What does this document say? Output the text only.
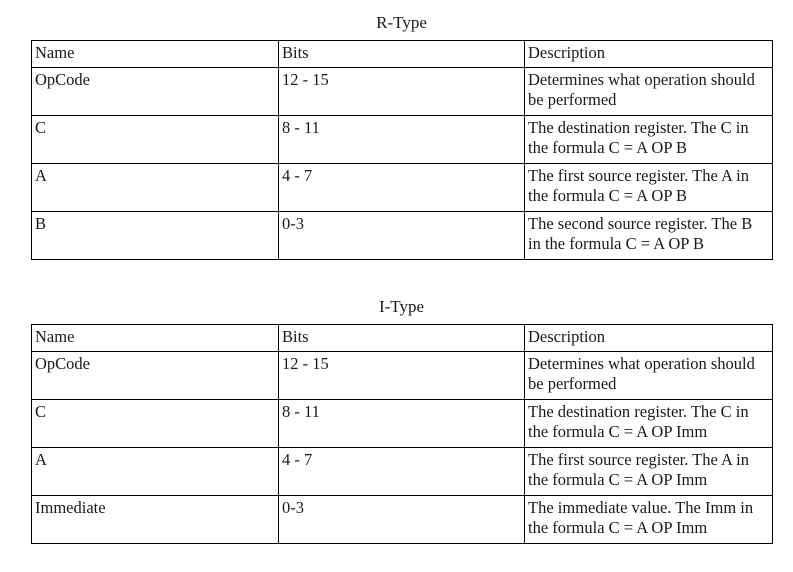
R-Type
Name	Bits	Description
OpCode	12 - 15	Determines what operation should be performed
C	8 - 11	The destination register. The C in the formula C = A OP B
A	4 - 7	The first source register. The A in the formula C = A OP B
B	0-3	The second source register. The B in the formula C = A OP B
I-Type
Name	Bits	Description
OpCode	12 - 15	Determines what operation should be performed
C	8 - 11	The destination register. The C in the formula C = A OP Imm
A	4 - 7	The first source register. The A in the formula C = A OP Imm
Immediate	0-3	The immediate value. The Imm in the formula C = A OP Imm
